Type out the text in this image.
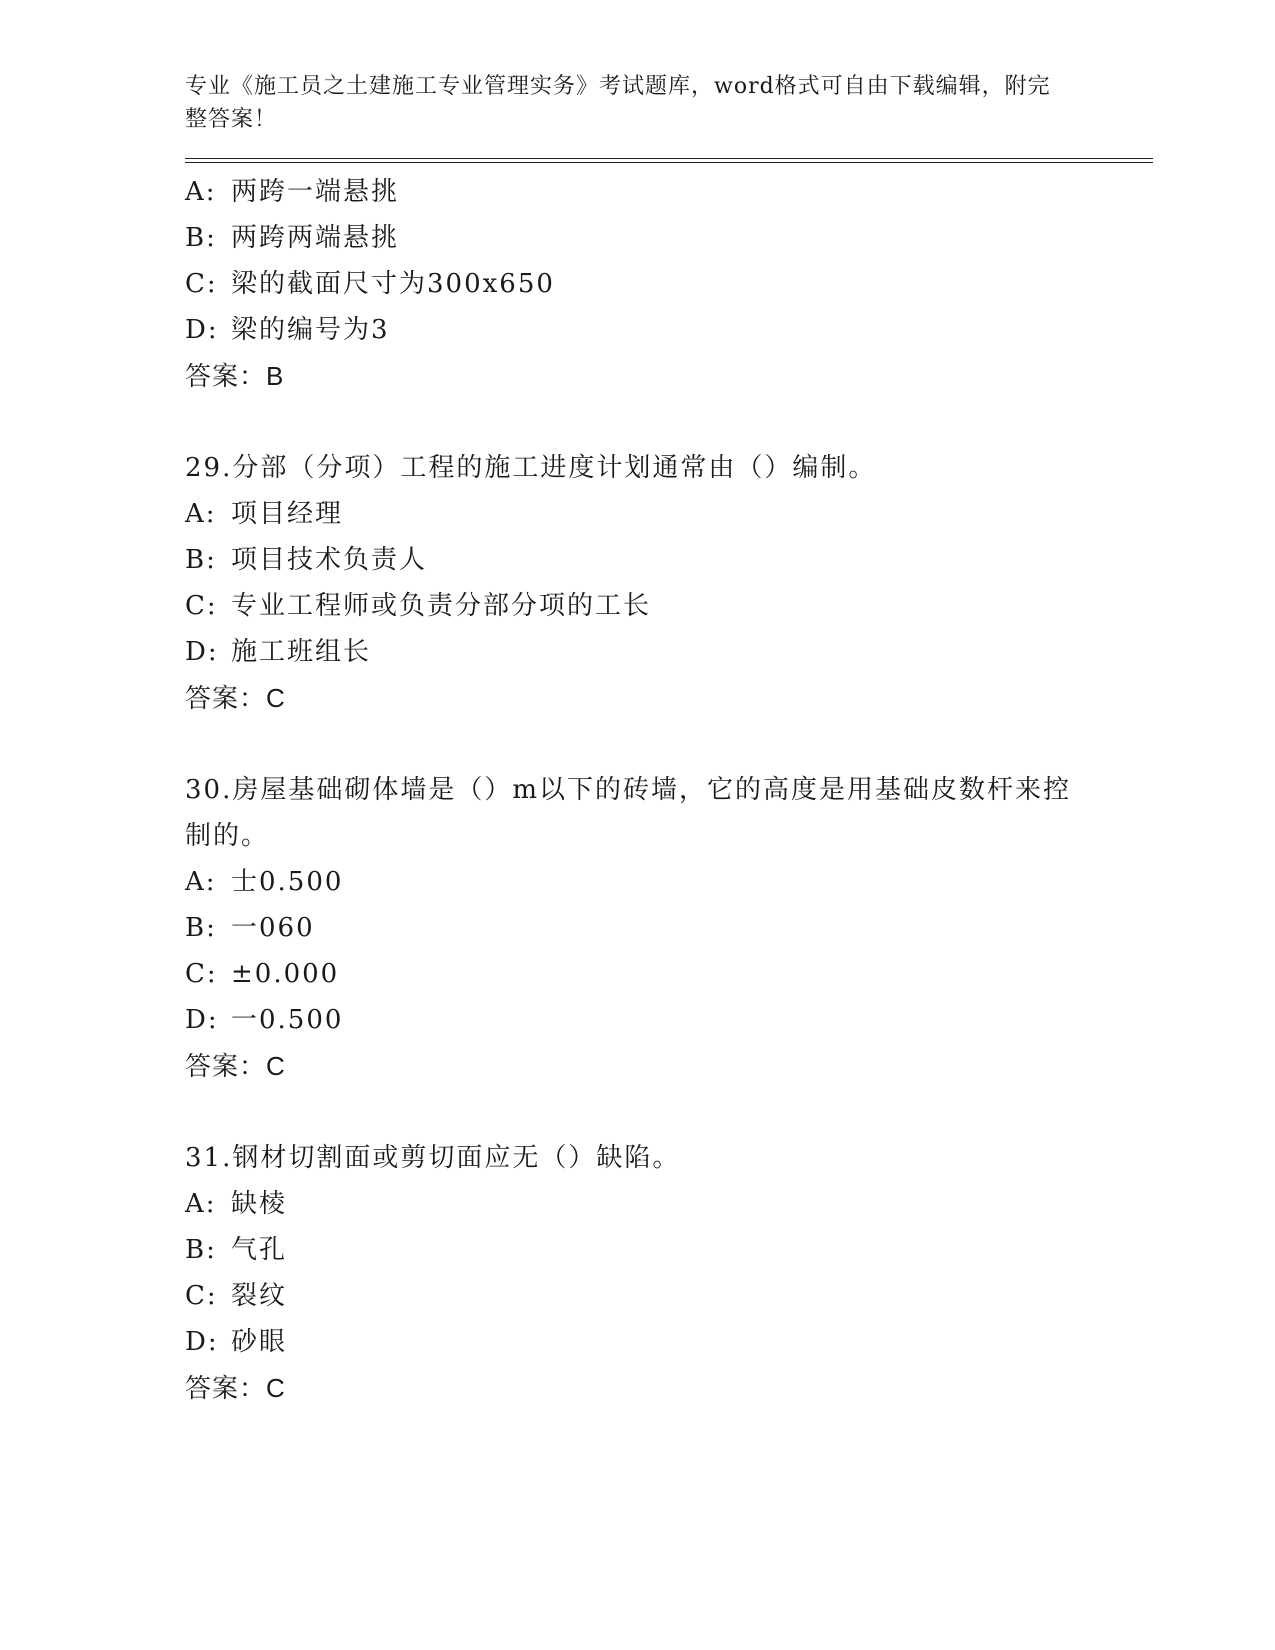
专业《施工员之土建施工专业管理实务》考试题库，word格式可自由下载编辑，附完整答案！
A: 两跨一端悬挑
B: 两跨两端悬挑
C: 梁的截面尺寸为300x650
D: 梁的编号为3
答案：B
29.分部（分项）工程的施工进度计划通常由（）编制。
A: 项目经理
B: 项目技术负责人
C: 专业工程师或负责分部分项的工长
D: 施工班组长
答案：C
30.房屋基础砌体墙是（）m以下的砖墙，它的高度是用基础皮数杆来控制的。
A: 士0.500
B: 一060
C: ±0.000
D: 一0.500
答案：C
31.钢材切割面或剪切面应无（）缺陷。
A: 缺棱
B: 气孔
C: 裂纹
D: 砂眼
答案：C
